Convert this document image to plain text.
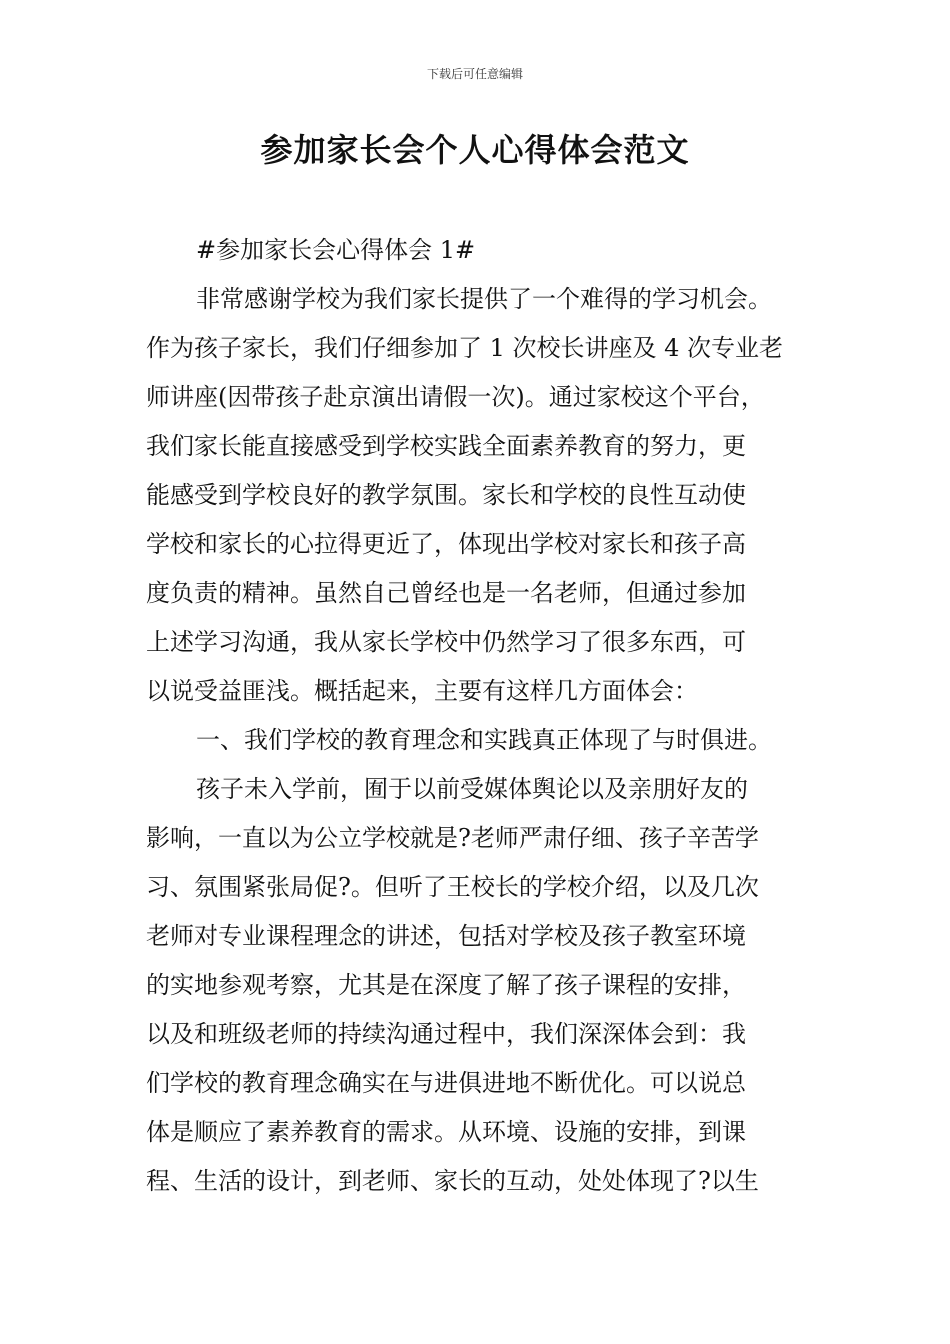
下载后可任意编辑
参加家长会个人心得体会范文
#参加家长会心得体会 1#
非常感谢学校为我们家长提供了一个难得的学习机会。
作为孩子家长，我们仔细参加了 1 次校长讲座及 4 次专业老
师讲座(因带孩子赴京演出请假一次)。通过家校这个平台，
我们家长能直接感受到学校实践全面素养教育的努力，更
能感受到学校良好的教学氛围。家长和学校的良性互动使
学校和家长的心拉得更近了，体现出学校对家长和孩子高
度负责的精神。虽然自己曾经也是一名老师，但通过参加
上述学习沟通，我从家长学校中仍然学习了很多东西，可
以说受益匪浅。概括起来，主要有这样几方面体会：
一、我们学校的教育理念和实践真正体现了与时俱进。
孩子未入学前，囿于以前受媒体舆论以及亲朋好友的
影响，一直以为公立学校就是?老师严肃仔细、孩子辛苦学
习、氛围紧张局促?。但听了王校长的学校介绍，以及几次
老师对专业课程理念的讲述，包括对学校及孩子教室环境
的实地参观考察，尤其是在深度了解了孩子课程的安排，
以及和班级老师的持续沟通过程中，我们深深体会到：我
们学校的教育理念确实在与进俱进地不断优化。可以说总
体是顺应了素养教育的需求。从环境、设施的安排，到课
程、生活的设计，到老师、家长的互动，处处体现了?以生
